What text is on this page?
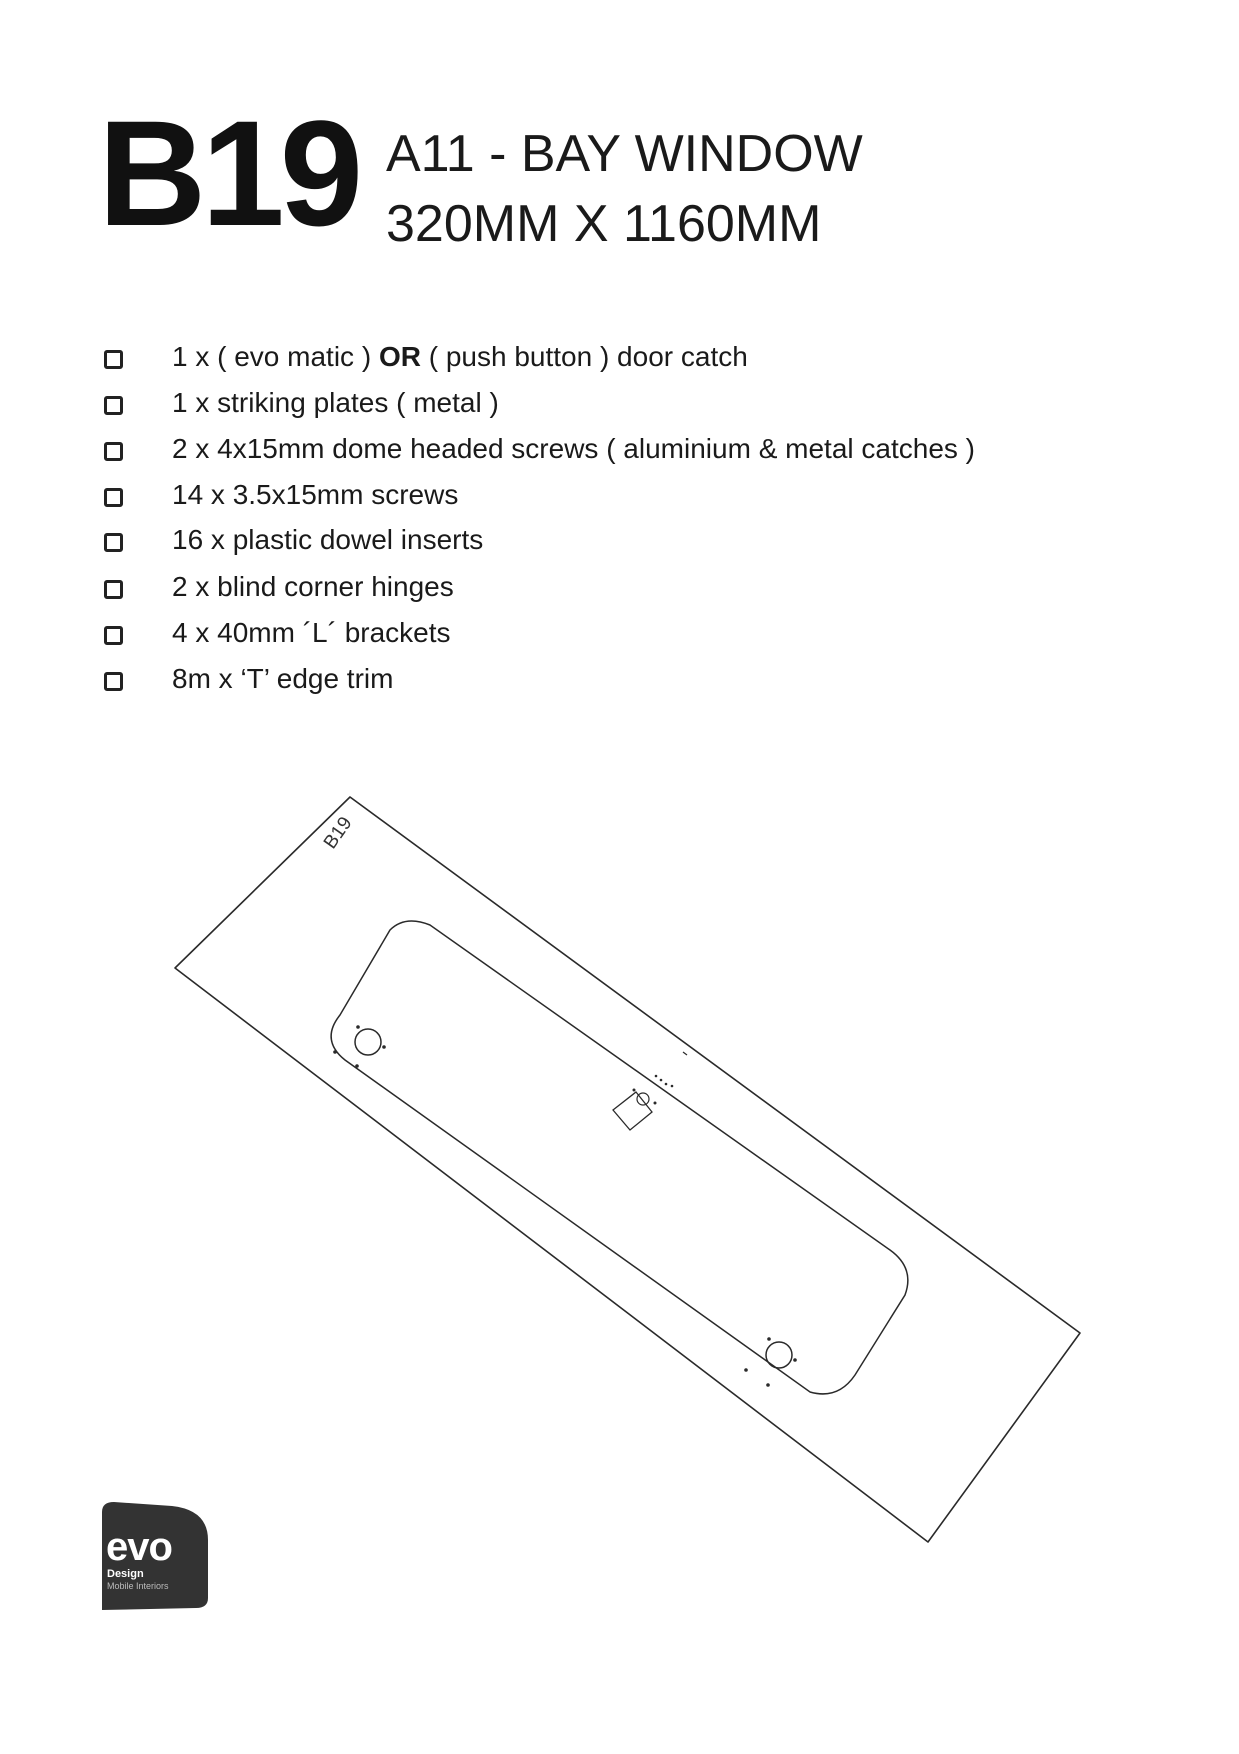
B19 A11 - BAY WINDOW
320MM X 1160MM
1 x ( evo matic ) OR ( push button ) door catch
1 x striking plates ( metal )
2 x 4x15mm dome headed screws ( aluminium & metal catches )
14 x 3.5x15mm screws
16 x plastic dowel inserts
2 x blind corner hinges
4 x 40mm ´L´ brackets
8m x ‘T’ edge trim
B19
evo
Design
Mobile Interiors
